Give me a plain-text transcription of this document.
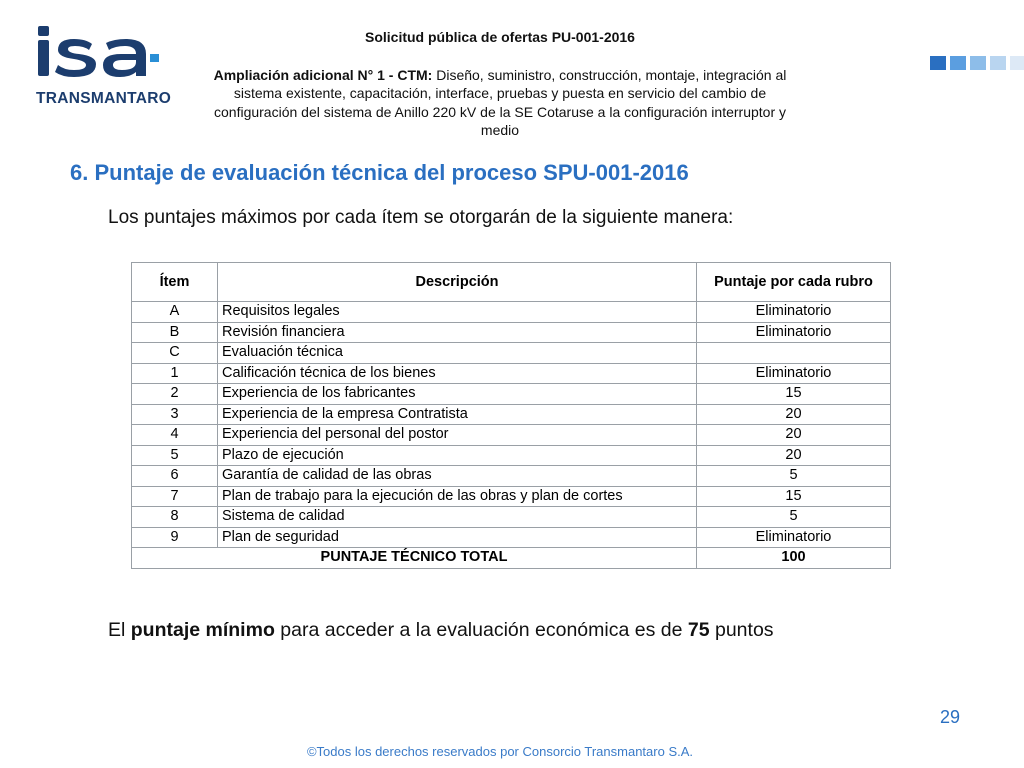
TRANSMANTARO
Solicitud pública de ofertas PU-001-2016
Ampliación adicional N° 1 - CTM: Diseño, suministro, construcción, montaje, integración al sistema existente, capacitación, interface, pruebas y puesta en servicio del cambio de configuración del sistema de Anillo 220 kV de la SE Cotaruse a la configuración interruptor y medio
6. Puntaje de evaluación técnica del proceso SPU-001-2016
Los puntajes máximos por cada ítem se otorgarán de la siguiente manera:
Ítem	Descripción	Puntaje por cada rubro
A	Requisitos legales	Eliminatorio
B	Revisión financiera	Eliminatorio
C	Evaluación técnica	
1	Calificación técnica de los bienes	Eliminatorio
2	Experiencia de los fabricantes	15
3	Experiencia de la empresa Contratista	20
4	Experiencia del personal del postor	20
5	Plazo de ejecución	20
6	Garantía de calidad de las obras	5
7	Plan de trabajo para la ejecución de las obras y plan de cortes	15
8	Sistema de calidad	5
9	Plan de seguridad	Eliminatorio
PUNTAJE TÉCNICO TOTAL		100
El puntaje mínimo para acceder a la evaluación económica es de 75 puntos
29
©Todos los derechos reservados por Consorcio Transmantaro S.A.
